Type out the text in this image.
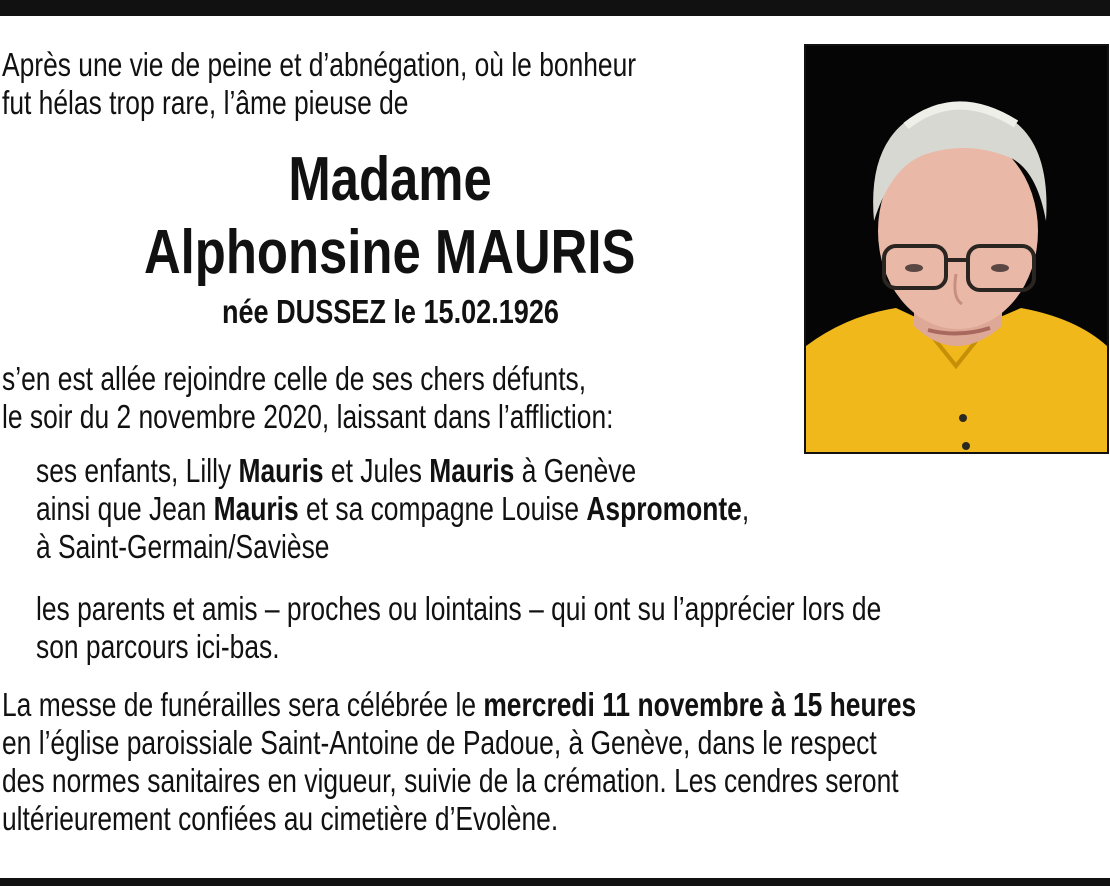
Après une vie de peine et d’abnégation, où le bonheur
fut hélas trop rare, l’âme pieuse de
Madame
Alphonsine MAURIS
née DUSSEZ le 15.02.1926
s’en est allée rejoindre celle de ses chers défunts,
le soir du 2 novembre 2020, laissant dans l’affliction:
ses enfants, Lilly Mauris et Jules Mauris à Genève
ainsi que Jean Mauris et sa compagne Louise Aspromonte,
à Saint-Germain/Savièse
les parents et amis – proches ou lointains – qui ont su l’apprécier lors de
son parcours ici-bas.
La messe de funérailles sera célébrée le mercredi 11 novembre à 15 heures
en l’église paroissiale Saint-Antoine de Padoue, à Genève, dans le respect
des normes sanitaires en vigueur, suivie de la crémation. Les cendres seront
ultérieurement confiées au cimetière d’Evolène.
